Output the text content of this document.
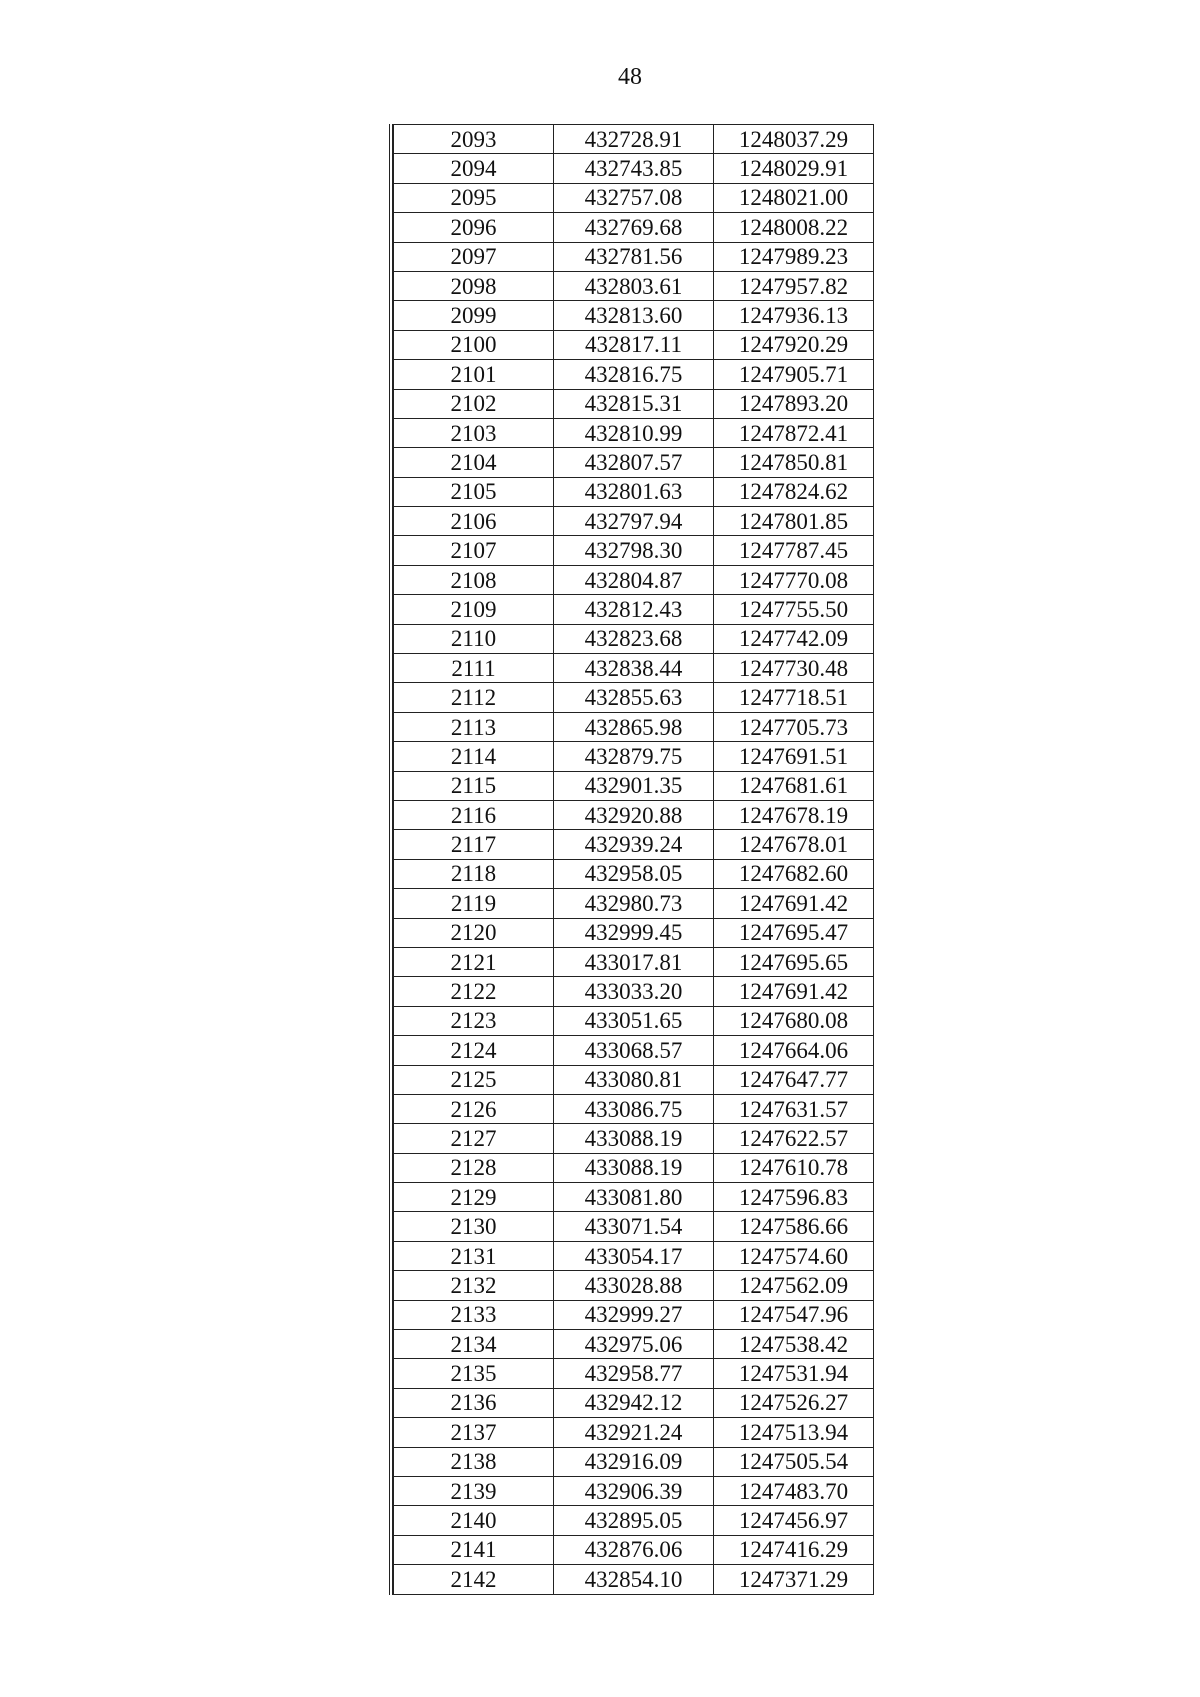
48
2093	432728.91	1248037.29
2094	432743.85	1248029.91
2095	432757.08	1248021.00
2096	432769.68	1248008.22
2097	432781.56	1247989.23
2098	432803.61	1247957.82
2099	432813.60	1247936.13
2100	432817.11	1247920.29
2101	432816.75	1247905.71
2102	432815.31	1247893.20
2103	432810.99	1247872.41
2104	432807.57	1247850.81
2105	432801.63	1247824.62
2106	432797.94	1247801.85
2107	432798.30	1247787.45
2108	432804.87	1247770.08
2109	432812.43	1247755.50
2110	432823.68	1247742.09
2111	432838.44	1247730.48
2112	432855.63	1247718.51
2113	432865.98	1247705.73
2114	432879.75	1247691.51
2115	432901.35	1247681.61
2116	432920.88	1247678.19
2117	432939.24	1247678.01
2118	432958.05	1247682.60
2119	432980.73	1247691.42
2120	432999.45	1247695.47
2121	433017.81	1247695.65
2122	433033.20	1247691.42
2123	433051.65	1247680.08
2124	433068.57	1247664.06
2125	433080.81	1247647.77
2126	433086.75	1247631.57
2127	433088.19	1247622.57
2128	433088.19	1247610.78
2129	433081.80	1247596.83
2130	433071.54	1247586.66
2131	433054.17	1247574.60
2132	433028.88	1247562.09
2133	432999.27	1247547.96
2134	432975.06	1247538.42
2135	432958.77	1247531.94
2136	432942.12	1247526.27
2137	432921.24	1247513.94
2138	432916.09	1247505.54
2139	432906.39	1247483.70
2140	432895.05	1247456.97
2141	432876.06	1247416.29
2142	432854.10	1247371.29
